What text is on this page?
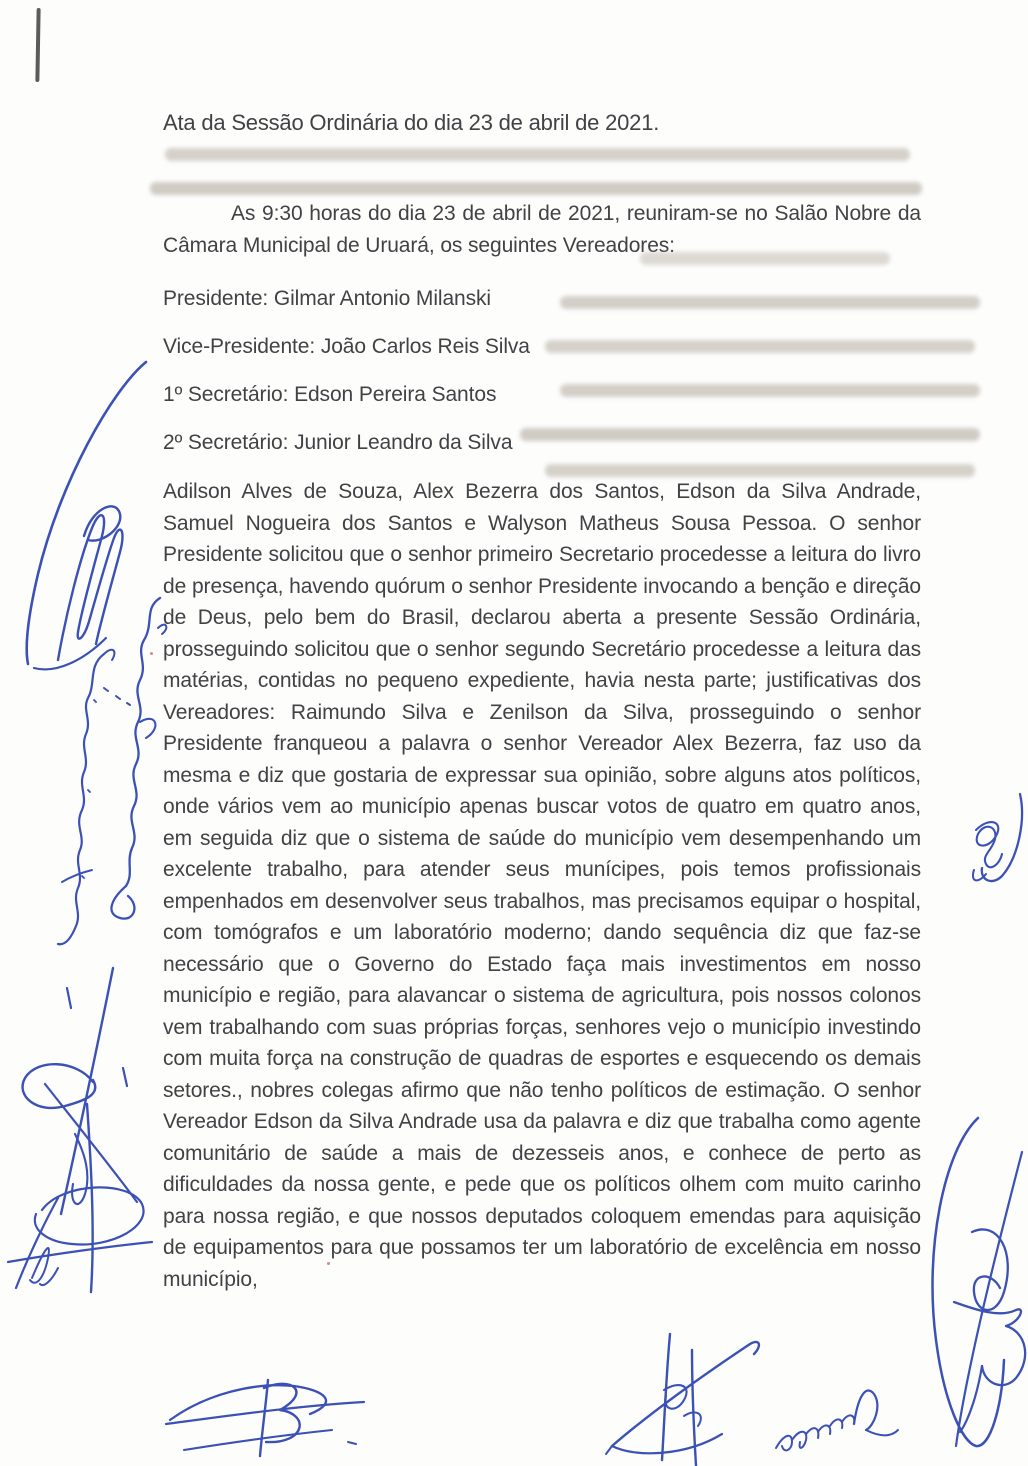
Ata da Sessão Ordinária do dia 23 de abril de 2021.
As 9:30 horas do dia 23 de abril de 2021, reuniram-se no Salão Nobre da Câmara Municipal de Uruará, os seguintes Vereadores:
Presidente: Gilmar Antonio Milanski
Vice-Presidente: João Carlos Reis Silva
1º Secretário: Edson Pereira Santos
2º Secretário: Junior Leandro da Silva
Adilson Alves de Souza, Alex Bezerra dos Santos, Edson da Silva Andrade, Samuel Nogueira dos Santos e Walyson Matheus Sousa Pessoa. O senhor Presidente solicitou que o senhor primeiro Secretario procedesse a leitura do livro de presença, havendo quórum o senhor Presidente invocando a benção e direção de Deus, pelo bem do Brasil, declarou aberta a presente Sessão Ordinária, prosseguindo solicitou que o senhor segundo Secretário procedesse a leitura das matérias, contidas no pequeno expediente, havia nesta parte; justificativas dos Vereadores: Raimundo Silva e Zenilson da Silva, prosseguindo o senhor Presidente franqueou a palavra o senhor Vereador Alex Bezerra, faz uso da mesma e diz que gostaria de expressar sua opinião, sobre alguns atos políticos, onde vários vem ao município apenas buscar votos de quatro em quatro anos, em seguida diz que o sistema de saúde do município vem desempenhando um excelente trabalho, para atender seus munícipes, pois temos profissionais empenhados em desenvolver seus trabalhos, mas precisamos equipar o hospital, com tomógrafos e um laboratório moderno; dando sequência diz que faz-se necessário que o Governo do Estado faça mais investimentos em nosso município e região, para alavancar o sistema de agricultura, pois nossos colonos vem trabalhando com suas próprias forças, senhores vejo o município investindo com muita força na construção de quadras de esportes e esquecendo os demais setores., nobres colegas afirmo que não tenho políticos de estimação. O senhor Vereador Edson da Silva Andrade usa da palavra e diz que trabalha como agente comunitário de saúde a mais de dezesseis anos, e conhece de perto as dificuldades da nossa gente, e pede que os políticos olhem com muito carinho para nossa região, e que nossos deputados coloquem emendas para aquisição de equipamentos para que possamos ter um laboratório de excelência em nosso município,
